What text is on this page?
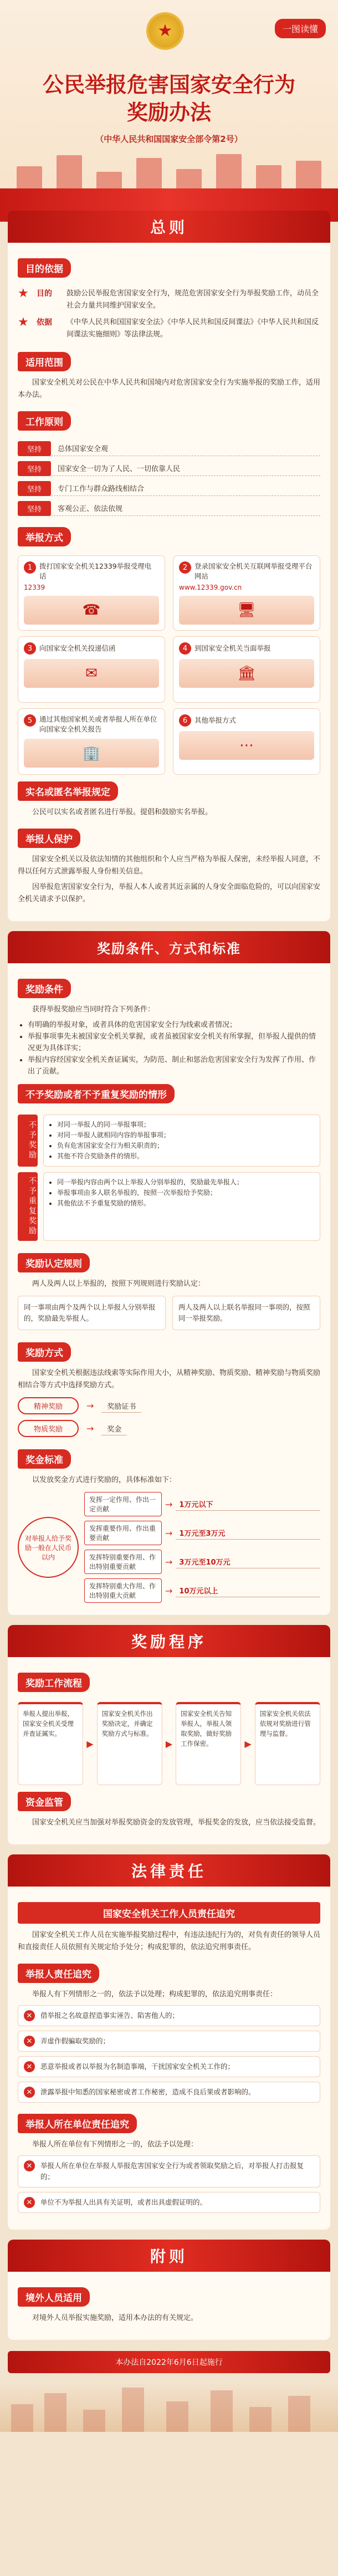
★	一图读懂
公民举报危害国家安全行为
奖励办法
（中华人民共和国国家安全部令第2号）
总则
目的依据
★	目的	鼓励公民举报危害国家安全行为，规范危害国家安全行为举报奖励工作，动员全社会力量共同维护国家安全。
★	依据	《中华人民共和国国家安全法》《中华人民共和国反间谍法》《中华人民共和国反间谍法实施细则》等法律法规。
适用范围

国家安全机关对公民在中华人民共和国境内对危害国家安全行为实施举报的奖励工作，适用本办法。

工作原则
坚持	总体国家安全观
坚持	国家安全一切为了人民、一切依靠人民
坚持	专门工作与群众路线相结合
坚持	客观公正、依法依规
举报方式
1 拨打国家安全机关12339举报受理电话
12339
☎
2 登录国家安全机关互联网举报受理平台网站
www.12339.gov.cn
🖥
3 向国家安全机关投递信函
✉
4 到国家安全机关当面举报
🏛
5 通过其他国家机关或者举报人所在单位向国家安全机关报告
🏢
6 其他举报方式
⋯
实名或匿名举报规定

公民可以实名或者匿名进行举报。提倡和鼓励实名举报。

举报人保护

国家安全机关以及依法知情的其他组织和个人应当严格为举报人保密，未经举报人同意，不得以任何方式泄露举报人身份相关信息。

因举报危害国家安全行为，举报人本人或者其近亲属的人身安全面临危险的，可以向国家安全机关请求予以保护。

奖励条件、方式和标准
奖励条件

获得举报奖励应当同时符合下列条件：

• 有明确的举报对象，或者具体的危害国家安全行为线索或者情况；
• 举报事项事先未被国家安全机关掌握，或者虽被国家安全机关有所掌握，但举报人提供的情况更为具体详实；
• 举报内容经国家安全机关查证属实，为防范、制止和惩治危害国家安全行为发挥了作用、作出了贡献。
不予奖励或者不予重复奖励的情形
不予奖励	• 对同一举报人的同一举报事项；
• 对同一举报人就相同内容的举报事项；
• 负有危害国家安全行为相关职责的；
• 其他不符合奖励条件的情形。
不予重复奖励	• 同一举报内容由两个以上举报人分别举报的，奖励最先举报人；
• 举报事项由多人联名举报的，按照一次举报给予奖励；
• 其他依法不予重复奖励的情形。
奖励认定规则

两人及两人以上举报的，按照下列规则进行奖励认定：

同一事项由两个及两个以上举报人分别举报的，奖励最先举报人。
两人及两人以上联名举报同一事项的，按照同一举报奖励。
奖励方式

国家安全机关根据违法线索等实际作用大小，从精神奖励、物质奖励、精神奖励与物质奖励相结合等方式中选择奖励方式。

精神奖励	→	奖励证书
物质奖励	→	奖金
奖金标准

以发放奖金方式进行奖励的，具体标准如下：

对举报人给予奖励一般在人民币以内
发挥一定作用、作出一定贡献	→ 1万元以下
发挥重要作用、作出重要贡献	→ 1万元至3万元
发挥特别重要作用、作出特别重要贡献	→ 3万元至10万元
发挥特别重大作用、作出特别重大贡献	→ 10万元以上
奖励程序
奖励工作流程
举报人提出举报，国家安全机关受理并查证属实。
▶
国家安全机关作出奖励决定，并确定奖励方式与标准。
▶
国家安全机关告知举报人，举报人领取奖励，做好奖励工作保密。	▶
国家安全机关依法依规对奖励进行管理与监督。
资金监管

国家安全机关应当加强对举报奖励资金的发放管理，举报奖金的发放，应当依法接受监督。

法律责任
国家安全机关工作人员责任追究

国家安全机关工作人员在实施举报奖励过程中，有违法违纪行为的，对负有责任的领导人员和直接责任人员依照有关规定给予处分；构成犯罪的，依法追究刑事责任。

举报人责任追究

举报人有下列情形之一的，依法予以处理；构成犯罪的，依法追究刑事责任：

✕	借举报之名故意捏造事实诬告、陷害他人的；
✕	弄虚作假骗取奖励的；
✕	恶意举报或者以举报为名制造事端，干扰国家安全机关工作的；
✕	泄露举报中知悉的国家秘密或者工作秘密，造成不良后果或者影响的。
举报人所在单位责任追究

举报人所在单位有下列情形之一的，依法予以处理：

✕	举报人所在单位在举报人举报危害国家安全行为或者领取奖励之后，对举报人打击报复的；
✕	单位不为举报人出具有关证明，或者出具虚假证明的。
附则
境外人员适用

对境外人员举报实施奖励，适用本办法的有关规定。

本办法自2022年6月6日起施行
